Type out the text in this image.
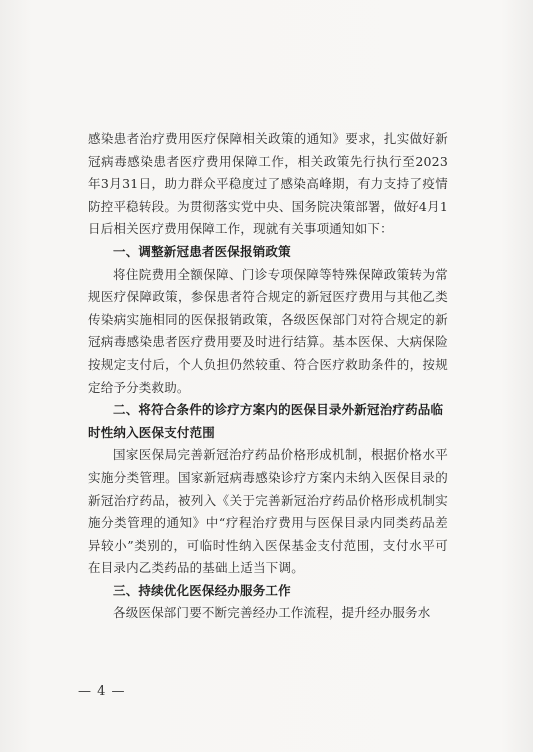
感染患者治疗费用医疗保障相关政策的通知》要求，扎实做好新冠病毒感染患者医疗费用保障工作，相关政策先行执行至2023年3月31日，助力群众平稳度过了感染高峰期，有力支持了疫情防控平稳转段。为贯彻落实党中央、国务院决策部署，做好4月1日后相关医疗费用保障工作，现就有关事项通知如下：

一、调整新冠患者医保报销政策

将住院费用全额保障、门诊专项保障等特殊保障政策转为常规医疗保障政策，参保患者符合规定的新冠医疗费用与其他乙类传染病实施相同的医保报销政策，各级医保部门对符合规定的新冠病毒感染患者医疗费用要及时进行结算。基本医保、大病保险按规定支付后，个人负担仍然较重、符合医疗救助条件的，按规定给予分类救助。

二、将符合条件的诊疗方案内的医保目录外新冠治疗药品临时性纳入医保支付范围

国家医保局完善新冠治疗药品价格形成机制，根据价格水平实施分类管理。国家新冠病毒感染诊疗方案内未纳入医保目录的新冠治疗药品，被列入《关于完善新冠治疗药品价格形成机制实施分类管理的通知》中“疗程治疗费用与医保目录内同类药品差异较小”类别的，可临时性纳入医保基金支付范围，支付水平可在目录内乙类药品的基础上适当下调。

三、持续优化医保经办服务工作

各级医保部门要不断完善经办工作流程，提升经办服务水

— 4 —
